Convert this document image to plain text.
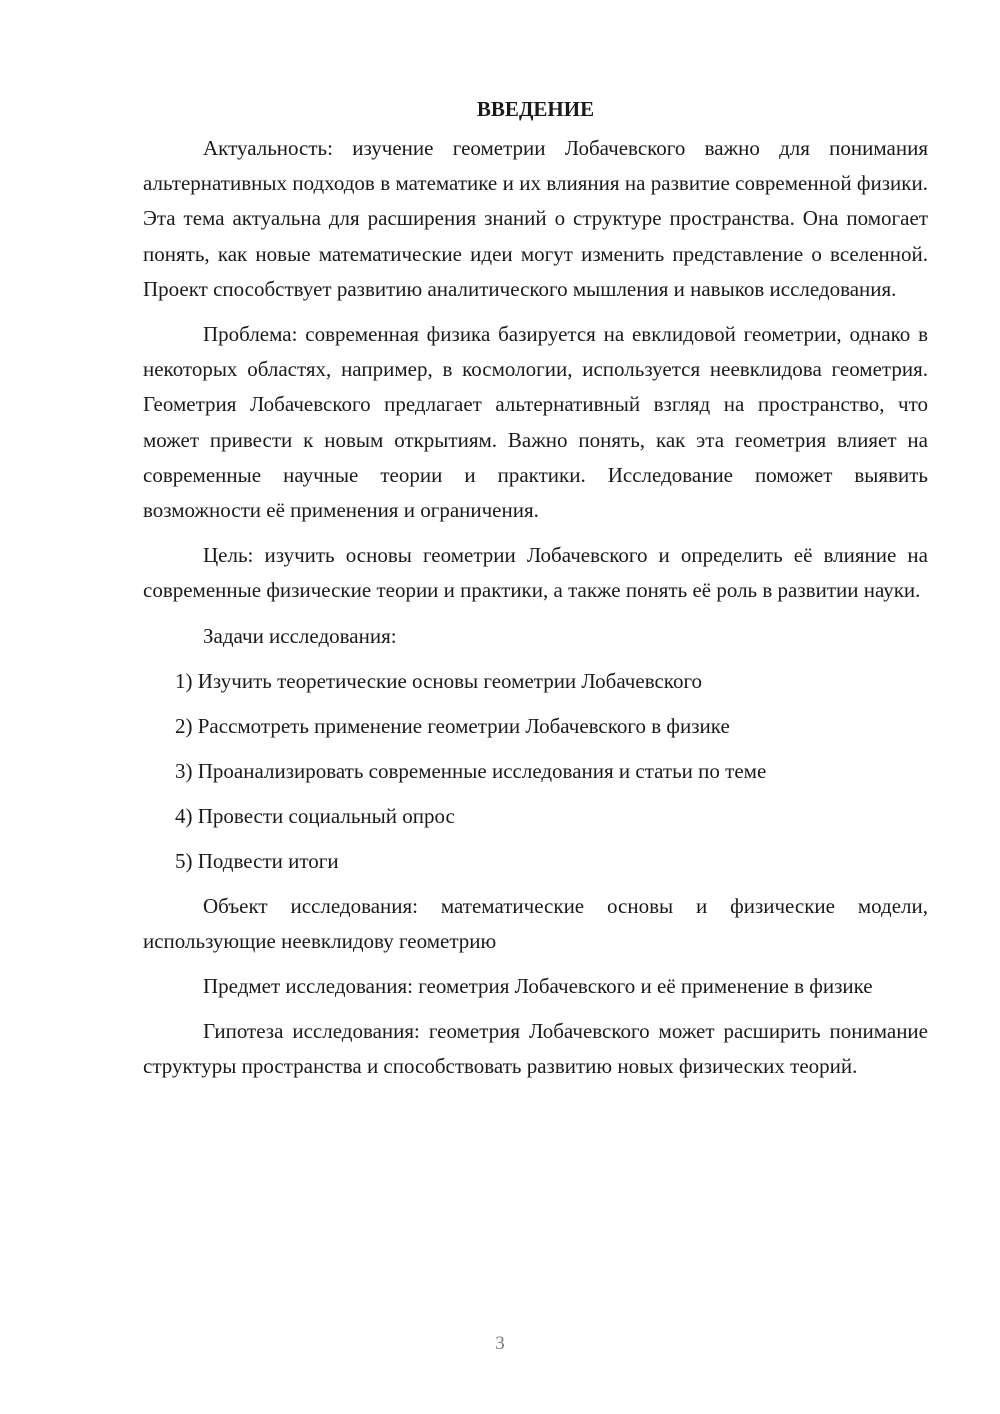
ВВЕДЕНИЕ

Актуальность: изучение геометрии Лобачевского важно для понимания альтернативных подходов в математике и их влияния на развитие современной физики. Эта тема актуальна для расширения знаний о структуре пространства. Она помогает понять, как новые математические идеи могут изменить представление о вселенной. Проект способствует развитию аналитического мышления и навыков исследования.

Проблема: современная физика базируется на евклидовой геометрии, однако в некоторых областях, например, в космологии, используется неевклидова геометрия. Геометрия Лобачевского предлагает альтернативный взгляд на пространство, что может привести к новым открытиям. Важно понять, как эта геометрия влияет на современные научные теории и практики. Исследование поможет выявить возможности её применения и ограничения.

Цель: изучить основы геометрии Лобачевского и определить её влияние на современные физические теории и практики, а также понять её роль в развитии науки.

Задачи исследования:

1) Изучить теоретические основы геометрии Лобачевского
2) Рассмотреть применение геометрии Лобачевского в физике
3) Проанализировать современные исследования и статьи по теме
4) Провести социальный опрос
5) Подвести итоги

Объект исследования: математические основы и физические модели, использующие неевклидову геометрию

Предмет исследования: геометрия Лобачевского и её применение в физике

Гипотеза исследования: геометрия Лобачевского может расширить понимание структуры пространства и способствовать развитию новых физических теорий.

3
